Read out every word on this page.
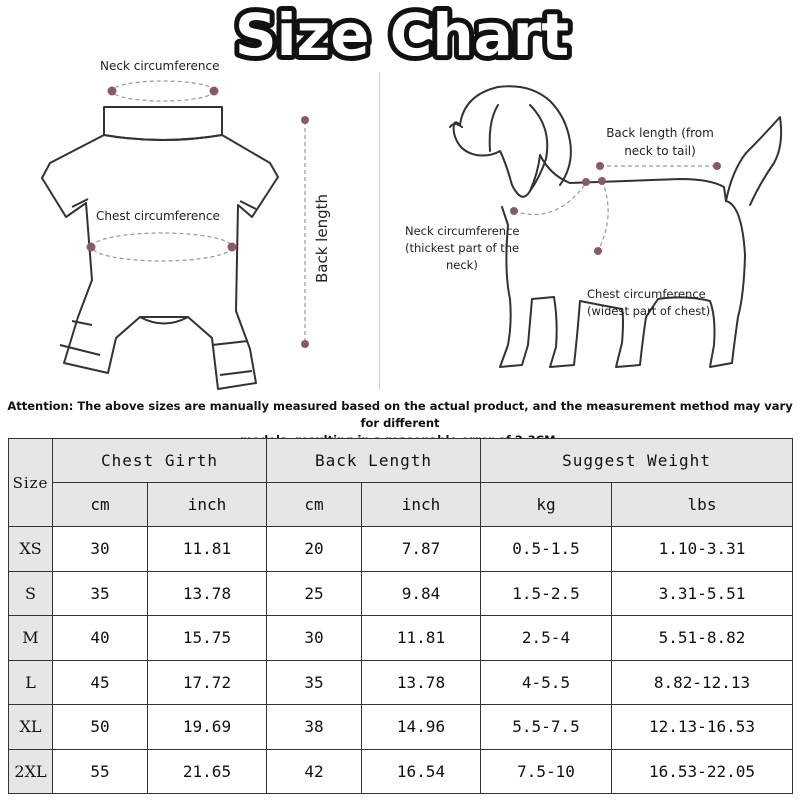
Size Chart
Neck circumference
Chest circumference	Back length
Back length (from
neck to tail)
Neck circumference
(thickest part of the
neck)
Chest circumference
(widest part of chest)
Attention: The above sizes are manually measured based on the actual product, and the measurement method may vary for different
Size	Chest Girth		Back Length		Suggest Weight	
	cm	inch	cm	inch	kg	lbs
XS	30	11.81	20	7.87	0.5-1.5	1.10-3.31
S	35	13.78	25	9.84	1.5-2.5	3.31-5.51
M	40	15.75	30	11.81	2.5-4	5.51-8.82
L	45	17.72	35	13.78	4-5.5	8.82-12.13
XL	50	19.69	38	14.96	5.5-7.5	12.13-16.53
2XL	55	21.65	42	16.54	7.5-10	16.53-22.05
